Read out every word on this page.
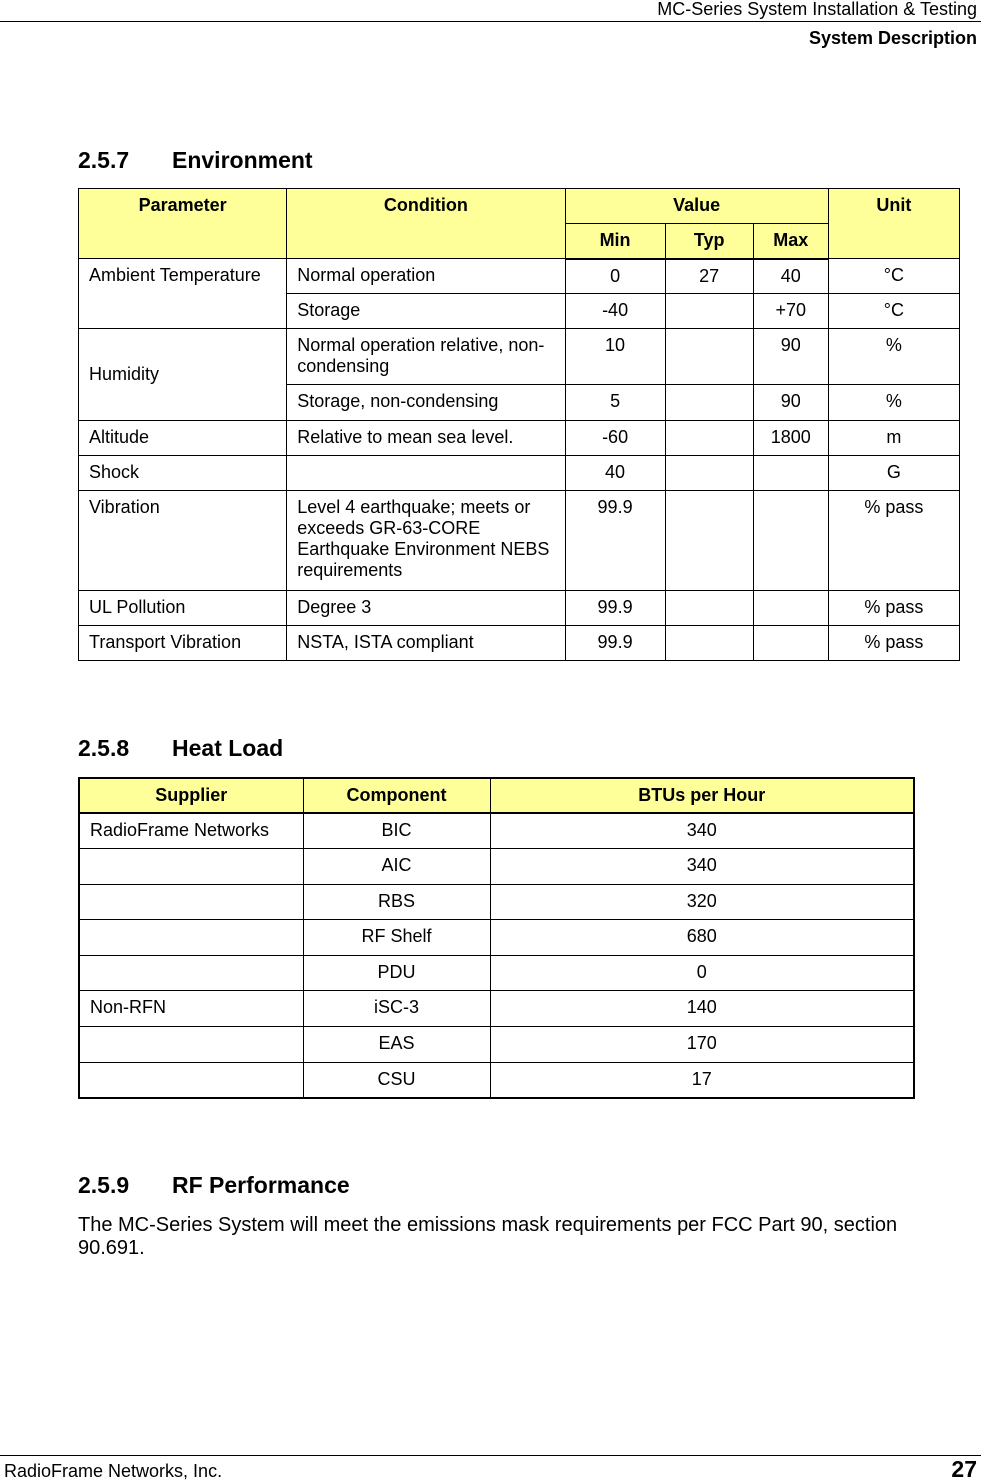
MC-Series System Installation & Testing
System Description
2.5.7 Environment
Parameter	Condition	Value			Unit
		Min	Typ	Max	
Ambient Temperature	Normal operation	0	27	40	°C
	Storage	-40		+70	°C
Humidity	Normal operation relative, non-condensing	10		90	%
	Storage, non-condensing	5		90	%
Altitude	Relative to mean sea level.	-60		1800	m
Shock		40			G
Vibration	Level 4 earthquake; meets or exceeds GR-63-CORE Earthquake Environment NEBS requirements	99.9			% pass
UL Pollution	Degree 3	99.9			% pass
Transport Vibration	NSTA, ISTA compliant	99.9			% pass
2.5.8 Heat Load
Supplier	Component	BTUs per Hour
RadioFrame Networks	BIC	340
	AIC	340
	RBS	320
	RF Shelf	680
	PDU	0
Non-RFN	iSC-3	140
	EAS	170
	CSU	17
2.5.9 RF Performance
The MC-Series System will meet the emissions mask requirements per FCC Part 90, section 90.691.
RadioFrame Networks, Inc.	27
